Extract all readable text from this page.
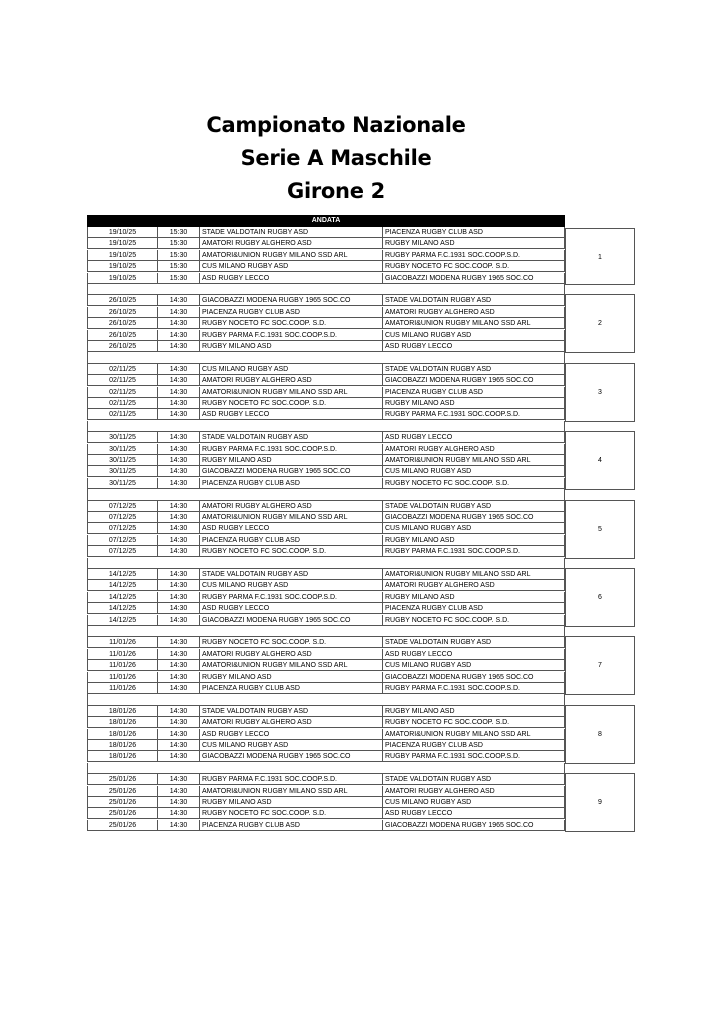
Campionato Nazionale
Serie A Maschile
Girone 2
ANDATA
19/10/25	15:30	STADE VALDOTAIN RUGBY ASD	PIACENZA RUGBY CLUB ASD
19/10/25	15:30	AMATORI RUGBY ALGHERO ASD	RUGBY MILANO ASD
19/10/25	15:30	AMATORI&UNION RUGBY MILANO SSD ARL	RUGBY PARMA F.C.1931 SOC.COOP.S.D.
19/10/25	15:30	CUS MILANO RUGBY ASD	RUGBY NOCETO FC SOC.COOP. S.D.
19/10/25	15:30	ASD RUGBY LECCO	GIACOBAZZI MODENA RUGBY 1965 SOC.CO
1
26/10/25	14:30	GIACOBAZZI MODENA RUGBY 1965 SOC.CO	STADE VALDOTAIN RUGBY ASD
26/10/25	14:30	PIACENZA RUGBY CLUB ASD	AMATORI RUGBY ALGHERO ASD
26/10/25	14:30	RUGBY NOCETO FC SOC.COOP. S.D.	AMATORI&UNION RUGBY MILANO SSD ARL
26/10/25	14:30	RUGBY PARMA F.C.1931 SOC.COOP.S.D.	CUS MILANO RUGBY ASD
26/10/25	14:30	RUGBY MILANO ASD	ASD RUGBY LECCO
2
02/11/25	14:30	CUS MILANO RUGBY ASD	STADE VALDOTAIN RUGBY ASD
02/11/25	14:30	AMATORI RUGBY ALGHERO ASD	GIACOBAZZI MODENA RUGBY 1965 SOC.CO
02/11/25	14:30	AMATORI&UNION RUGBY MILANO SSD ARL	PIACENZA RUGBY CLUB ASD
02/11/25	14:30	RUGBY NOCETO FC SOC.COOP. S.D.	RUGBY MILANO ASD
02/11/25	14:30	ASD RUGBY LECCO	RUGBY PARMA F.C.1931 SOC.COOP.S.D.
3
30/11/25	14:30	STADE VALDOTAIN RUGBY ASD	ASD RUGBY LECCO
30/11/25	14:30	RUGBY PARMA F.C.1931 SOC.COOP.S.D.	AMATORI RUGBY ALGHERO ASD
30/11/25	14:30	RUGBY MILANO ASD	AMATORI&UNION RUGBY MILANO SSD ARL
30/11/25	14:30	GIACOBAZZI MODENA RUGBY 1965 SOC.CO	CUS MILANO RUGBY ASD
30/11/25	14:30	PIACENZA RUGBY CLUB ASD	RUGBY NOCETO FC SOC.COOP. S.D.
4
07/12/25	14:30	AMATORI RUGBY ALGHERO ASD	STADE VALDOTAIN RUGBY ASD
07/12/25	14:30	AMATORI&UNION RUGBY MILANO SSD ARL	GIACOBAZZI MODENA RUGBY 1965 SOC.CO
07/12/25	14:30	ASD RUGBY LECCO	CUS MILANO RUGBY ASD
07/12/25	14:30	PIACENZA RUGBY CLUB ASD	RUGBY MILANO ASD
07/12/25	14:30	RUGBY NOCETO FC SOC.COOP. S.D.	RUGBY PARMA F.C.1931 SOC.COOP.S.D.
5
14/12/25	14:30	STADE VALDOTAIN RUGBY ASD	AMATORI&UNION RUGBY MILANO SSD ARL
14/12/25	14:30	CUS MILANO RUGBY ASD	AMATORI RUGBY ALGHERO ASD
14/12/25	14:30	RUGBY PARMA F.C.1931 SOC.COOP.S.D.	RUGBY MILANO ASD
14/12/25	14:30	ASD RUGBY LECCO	PIACENZA RUGBY CLUB ASD
14/12/25	14:30	GIACOBAZZI MODENA RUGBY 1965 SOC.CO	RUGBY NOCETO FC SOC.COOP. S.D.
6
11/01/26	14:30	RUGBY NOCETO FC SOC.COOP. S.D.	STADE VALDOTAIN RUGBY ASD
11/01/26	14:30	AMATORI RUGBY ALGHERO ASD	ASD RUGBY LECCO
11/01/26	14:30	AMATORI&UNION RUGBY MILANO SSD ARL	CUS MILANO RUGBY ASD
11/01/26	14:30	RUGBY MILANO ASD	GIACOBAZZI MODENA RUGBY 1965 SOC.CO
11/01/26	14:30	PIACENZA RUGBY CLUB ASD	RUGBY PARMA F.C.1931 SOC.COOP.S.D.
7
18/01/26	14:30	STADE VALDOTAIN RUGBY ASD	RUGBY MILANO ASD
18/01/26	14:30	AMATORI RUGBY ALGHERO ASD	RUGBY NOCETO FC SOC.COOP. S.D.
18/01/26	14:30	ASD RUGBY LECCO	AMATORI&UNION RUGBY MILANO SSD ARL
18/01/26	14:30	CUS MILANO RUGBY ASD	PIACENZA RUGBY CLUB ASD
18/01/26	14:30	GIACOBAZZI MODENA RUGBY 1965 SOC.CO	RUGBY PARMA F.C.1931 SOC.COOP.S.D.
8
25/01/26	14:30	RUGBY PARMA F.C.1931 SOC.COOP.S.D.	STADE VALDOTAIN RUGBY ASD
25/01/26	14:30	AMATORI&UNION RUGBY MILANO SSD ARL	AMATORI RUGBY ALGHERO ASD
25/01/26	14:30	RUGBY MILANO ASD	CUS MILANO RUGBY ASD
25/01/26	14:30	RUGBY NOCETO FC SOC.COOP. S.D.	ASD RUGBY LECCO
25/01/26	14:30	PIACENZA RUGBY CLUB ASD	GIACOBAZZI MODENA RUGBY 1965 SOC.CO
9
